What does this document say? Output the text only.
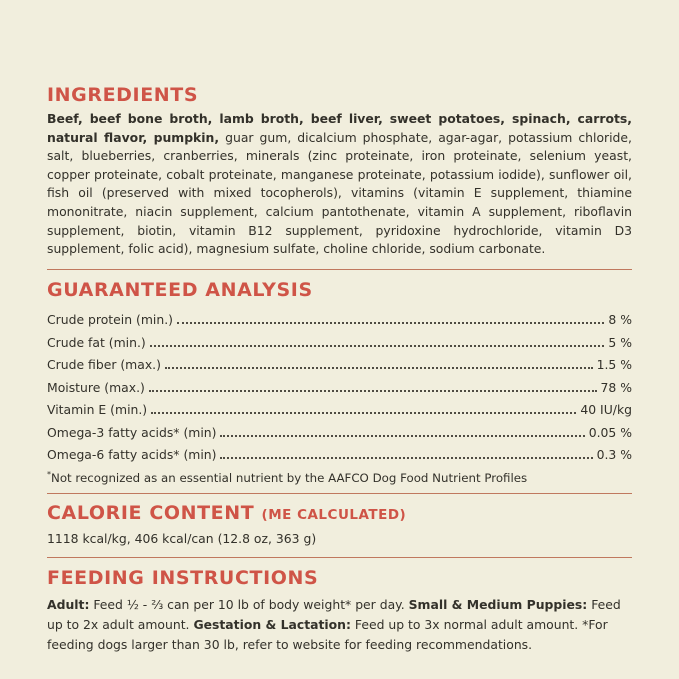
INGREDIENTS

Beef, beef bone broth, lamb broth, beef liver, sweet potatoes, spinach, carrots, natural flavor, pumpkin, guar gum, dicalcium phosphate, agar-agar, potassium chloride, salt, blueberries, cranberries, minerals (zinc proteinate, iron proteinate, selenium yeast, copper proteinate, cobalt proteinate, manganese proteinate, potassium iodide), sunflower oil, fish oil (preserved with mixed tocopherols), vitamins (vitamin E supplement, thiamine mononitrate, niacin supplement, calcium pantothenate, vitamin A supplement, riboflavin supplement, biotin, vitamin B12 supplement, pyridoxine hydrochloride, vitamin D3 supplement, folic acid), magnesium sulfate, choline chloride, sodium carbonate.

GUARANTEED ANALYSIS
Crude protein (min.)	8 %
Crude fat (min.)	5 %
Crude fiber (max.)	1.5 %
Moisture (max.)	78 %
Vitamin E (min.)	40 IU/kg
Omega-3 fatty acids* (min)	0.05 %
Omega-6 fatty acids* (min)	0.3 %

*Not recognized as an essential nutrient by the AAFCO Dog Food Nutrient Profiles

CALORIE CONTENT (ME CALCULATED)

1118 kcal/kg, 406 kcal/can (12.8 oz, 363 g)

FEEDING INSTRUCTIONS

Adult: Feed ½ - ⅔ can per 10 lb of body weight* per day. Small & Medium Puppies: Feed up to 2x adult amount. Gestation & Lactation: Feed up to 3x normal adult amount. *For feeding dogs larger than 30 lb, refer to website for feeding recommendations.
